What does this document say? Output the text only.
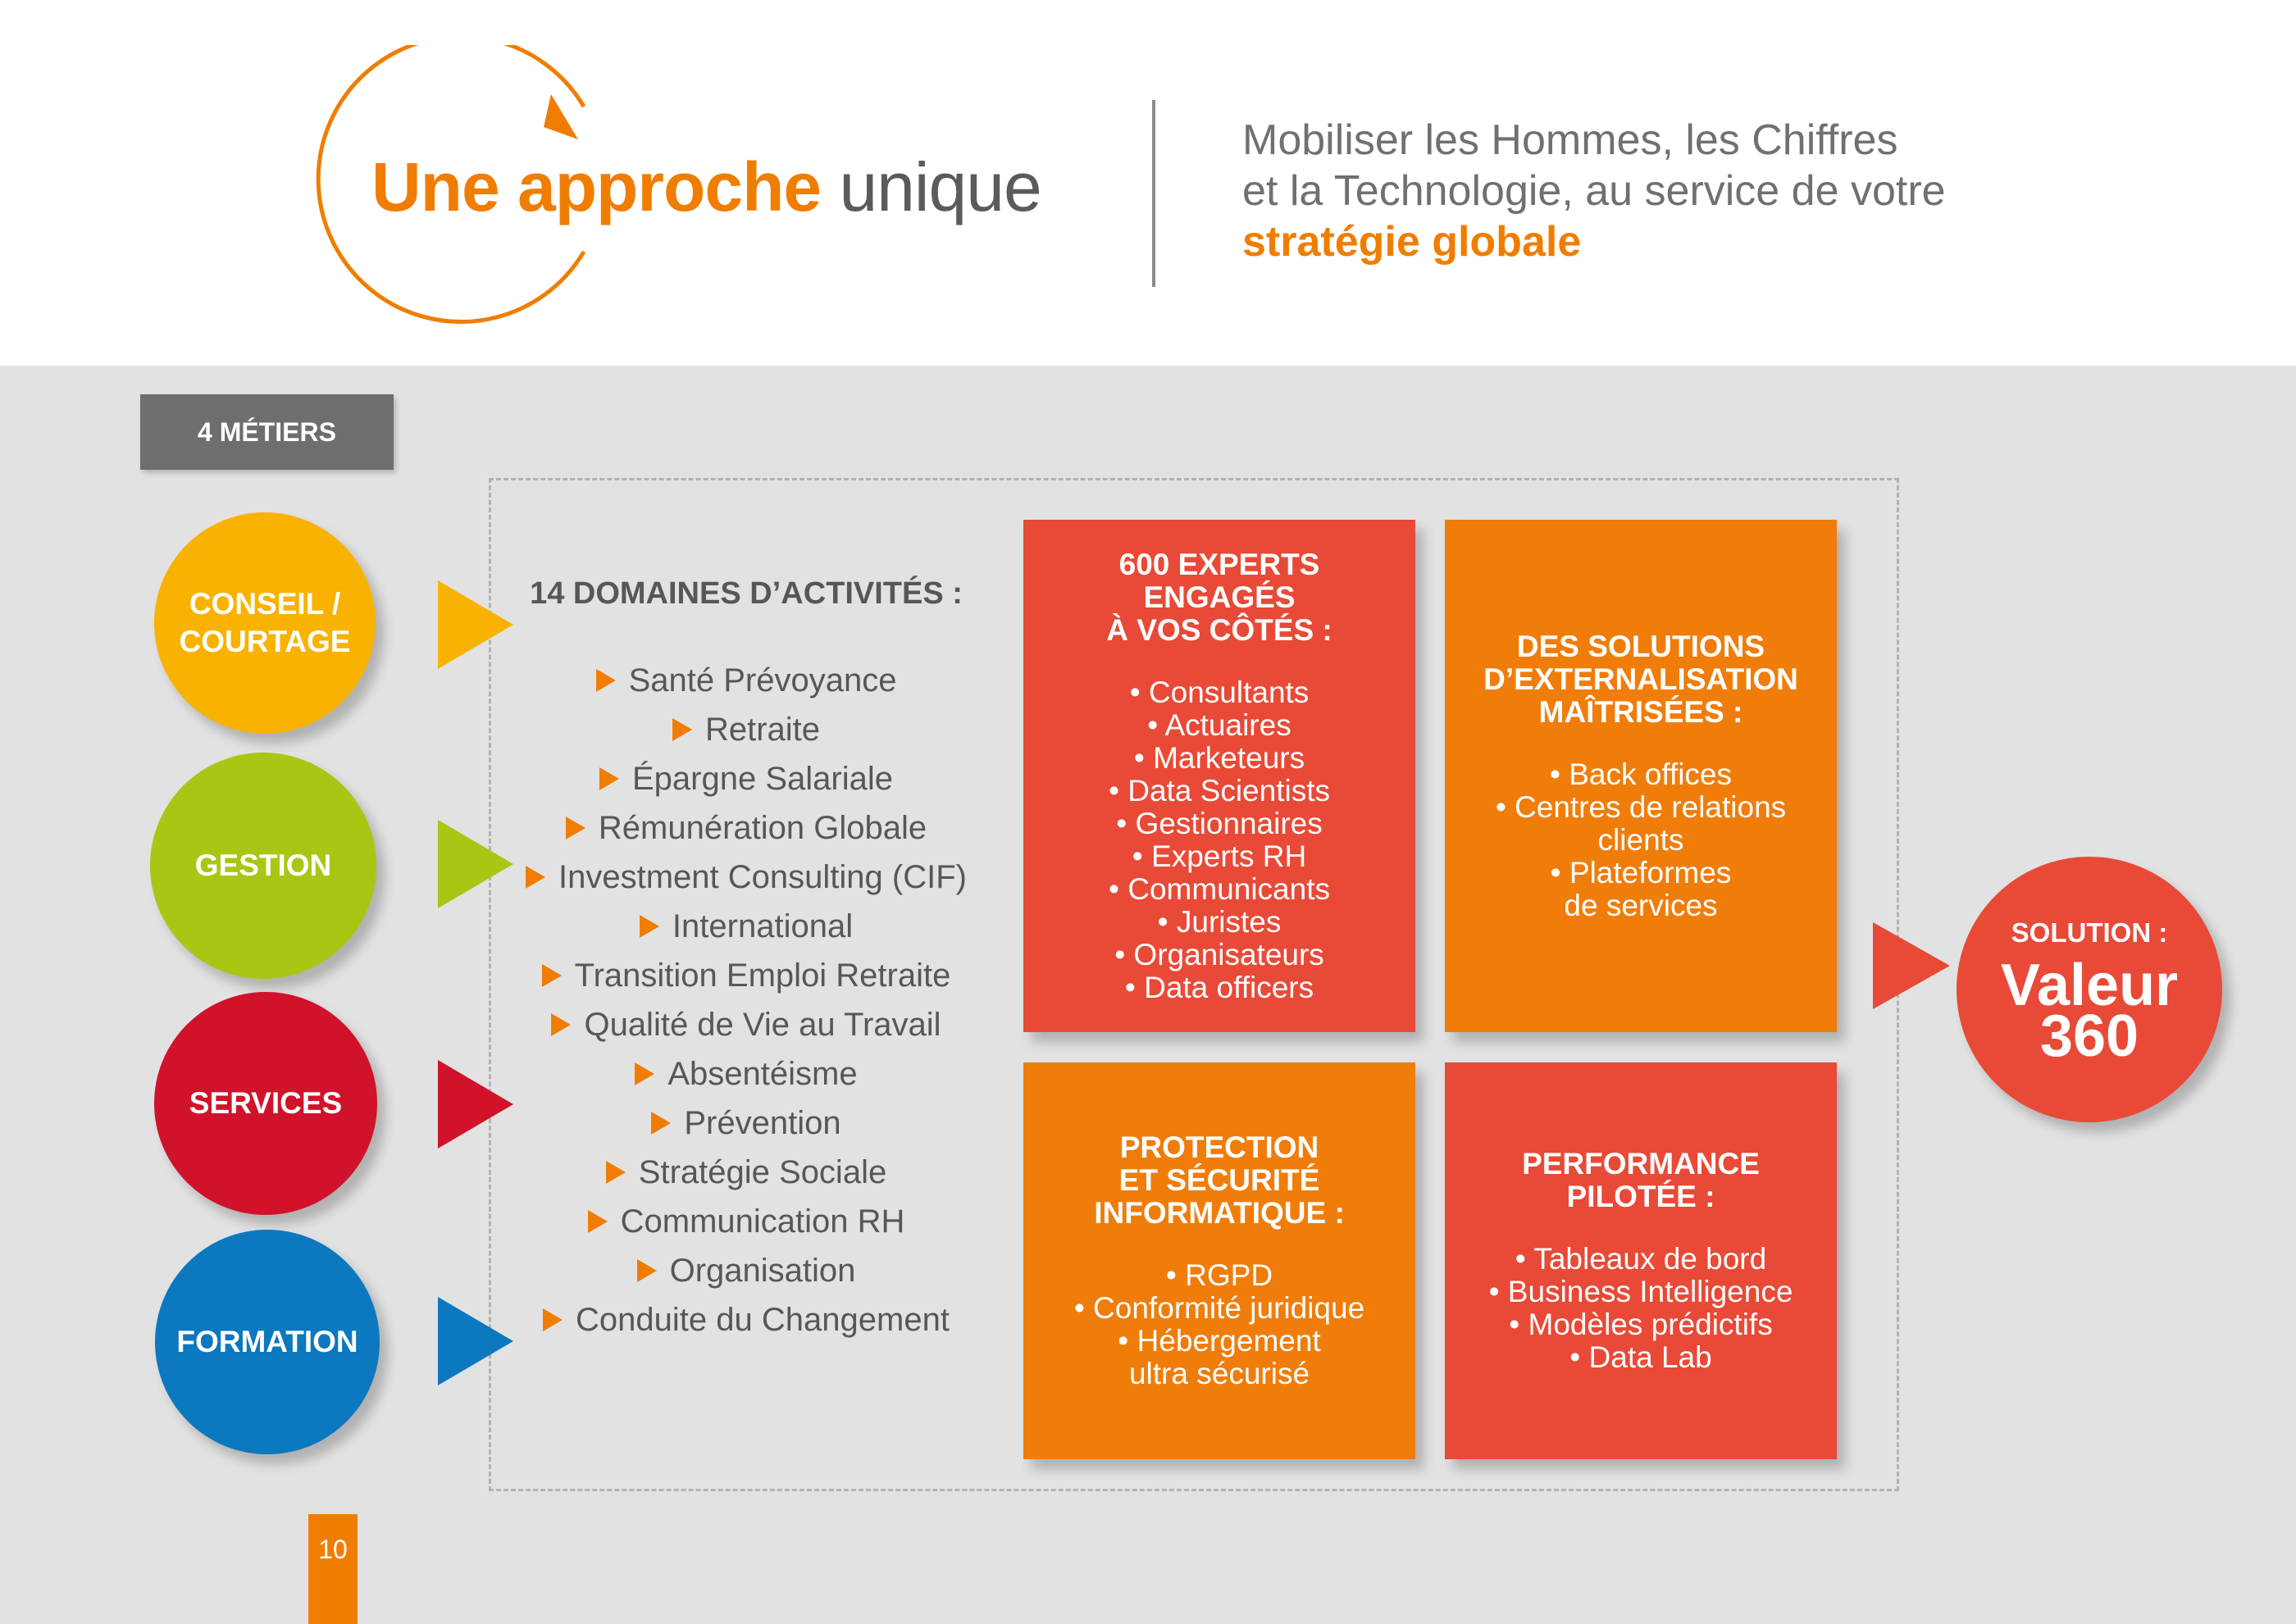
Une approche unique
Mobiliser les Hommes, les Chiffres
et la Technologie, au service de votre
stratégie globale
4 MÉTIERS
CONSEIL /
COURTAGE
GESTION
SERVICES
FORMATION
14 DOMAINES D’ACTIVITÉS :
Santé Prévoyance
Retraite
Épargne Salariale
Rémunération Globale
Investment Consulting (CIF)
International
Transition Emploi Retraite
Qualité de Vie au Travail
Absentéisme
Prévention
Stratégie Sociale
Communication RH
Organisation
Conduite du Changement
600 EXPERTS
ENGAGÉS
À VOS CÔTÉS :
• Consultants
• Actuaires
• Marketeurs
• Data Scientists
• Gestionnaires
• Experts RH
• Communicants
• Juristes
• Organisateurs
• Data officers
DES SOLUTIONS
D’EXTERNALISATION
MAÎTRISÉES :
• Back offices
• Centres de relations
clients
• Plateformes
de services
PROTECTION
ET SÉCURITÉ
INFORMATIQUE :
• RGPD
• Conformité juridique
• Hébergement
ultra sécurisé
PERFORMANCE
PILOTÉE :
• Tableaux de bord
• Business Intelligence
• Modèles prédictifs
• Data Lab
SOLUTION :
Valeur
360
10
